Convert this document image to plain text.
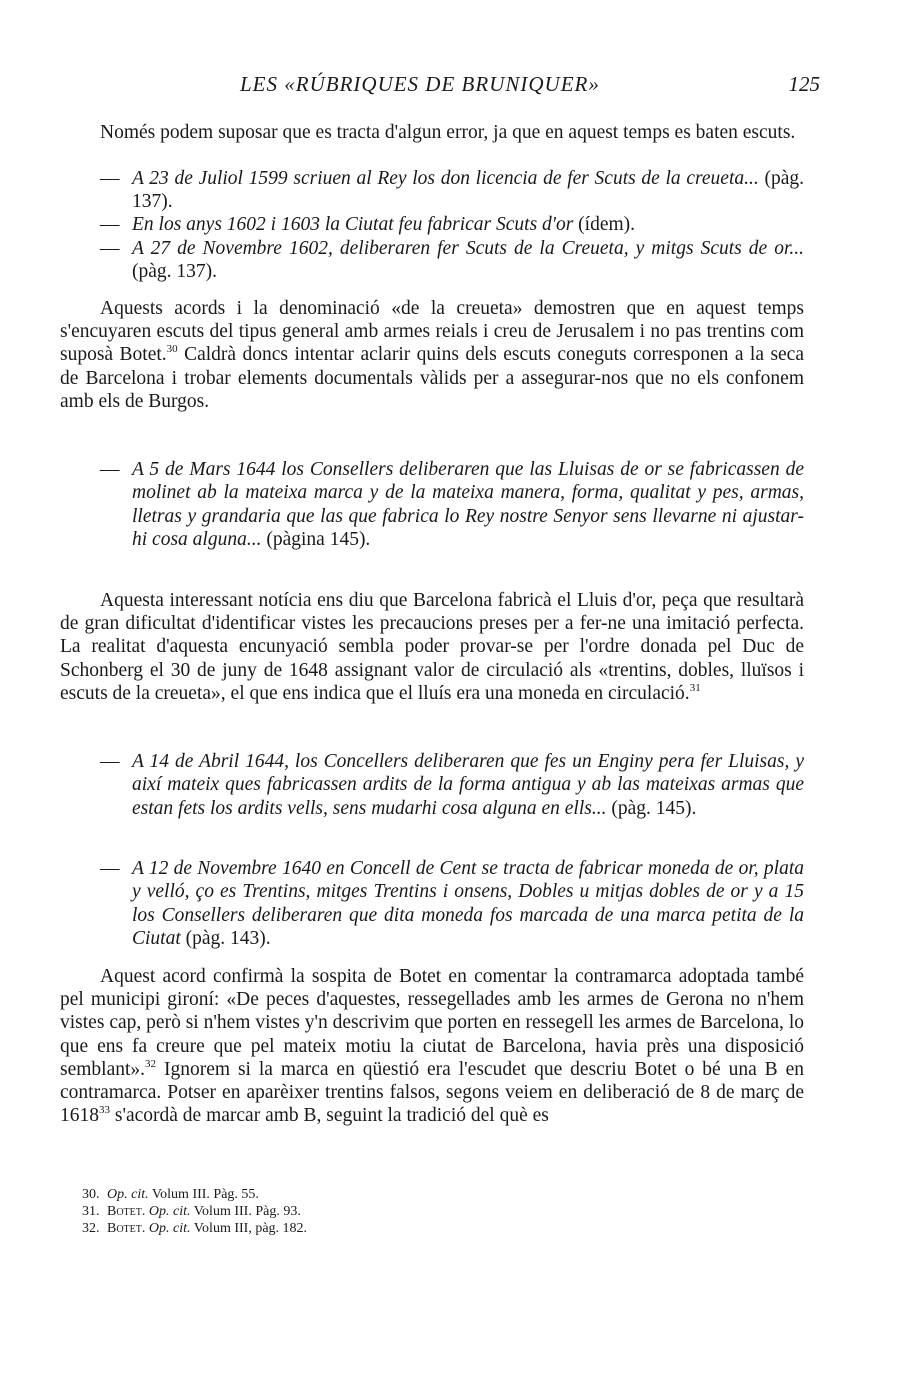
LES «RÚBRIQUES DE BRUNIQUER»	125

Només podem suposar que es tracta d'algun error, ja que en aquest temps es baten escuts.

— A 23 de Juliol 1599 scriuen al Rey los don licencia de fer Scuts de la creueta... (pàg. 137).

— En los anys 1602 i 1603 la Ciutat feu fabricar Scuts d'or (ídem).

— A 27 de Novembre 1602, deliberaren fer Scuts de la Creueta, y mitgs Scuts de or... (pàg. 137).

Aquests acords i la denominació «de la creueta» demostren que en aquest temps s'encuyaren escuts del tipus general amb armes reials i creu de Jerusalem i no pas trentins com suposà Botet.$^{30}$ Caldrà doncs intentar aclarir quins dels escuts coneguts corresponen a la seca de Barcelona i trobar elements documentals vàlids per a assegurar-nos que no els confonem amb els de Burgos.

— A 5 de Mars 1644 los Consellers deliberaren que las Lluisas de or se fabricassen de molinet ab la mateixa marca y de la mateixa manera, forma, qualitat y pes, armas, lletras y grandaria que las que fabrica lo Rey nostre Senyor sens llevarne ni ajustar-hi cosa alguna... (pàgina 145).

Aquesta interessant notícia ens diu que Barcelona fabricà el Lluis d'or, peça que resultarà de gran dificultat d'identificar vistes les precaucions preses per a fer-ne una imitació perfecta. La realitat d'aquesta encunyació sembla poder provar-se per l'ordre donada pel Duc de Schonberg el 30 de juny de 1648 assignant valor de circulació als «trentins, dobles, lluïsos i escuts de la creueta», el que ens indica que el lluís era una moneda en circulació.$^{31}$

— A 14 de Abril 1644, los Concellers deliberaren que fes un Enginy pera fer Lluisas, y així mateix ques fabricassen ardits de la forma antigua y ab las mateixas armas que estan fets los ardits vells, sens mudarhi cosa alguna en ells... (pàg. 145).

— A 12 de Novembre 1640 en Concell de Cent se tracta de fabricar moneda de or, plata y velló, ço es Trentins, mitges Trentins i onsens, Dobles u mitjas dobles de or y a 15 los Consellers deliberaren que dita moneda fos marcada de una marca petita de la Ciutat (pàg. 143).

Aquest acord confirmà la sospita de Botet en comentar la contramarca adoptada també pel municipi gironí: «De peces d'aquestes, ressegellades amb les armes de Gerona no n'hem vistes cap, però si n'hem vistes y'n descrivim que porten en ressegell les armes de Barcelona, lo que ens fa creure que pel mateix motiu la ciutat de Barcelona, havia près una disposició semblant».$^{32}$ Ignorem si la marca en qüestió era l'escudet que descriu Botet o bé una B en contramarca. Potser en aparèixer trentins falsos, segons veiem en deliberació de 8 de març de 1618$^{33}$ s'acordà de marcar amb B, seguint la tradició del què es

30. Op. cit. Volum III. Pàg. 55.

31. Botet. Op. cit. Volum III. Pàg. 93.

32. Botet. Op. cit. Volum III, pàg. 182.
